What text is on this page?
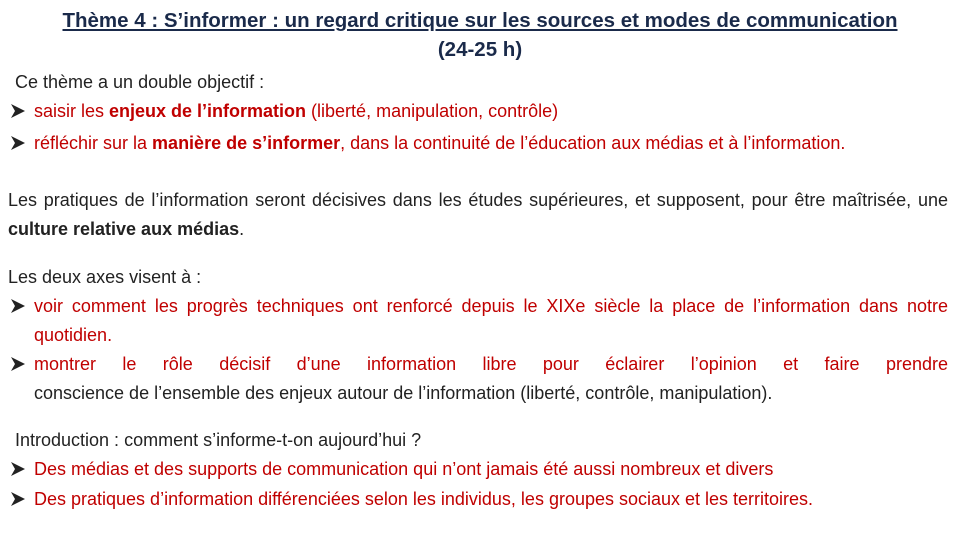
Thème 4 : S’informer : un regard critique sur les sources et modes de communication (24-25 h)
Ce thème a un double objectif :
saisir les enjeux de l’information (liberté, manipulation, contrôle)
réfléchir sur la manière de s’informer, dans la continuité de l’éducation aux médias et à l’information.
Les pratiques de l’information seront décisives dans les études supérieures, et supposent, pour être maîtrisée, une culture relative aux médias.
Les deux axes visent à :
voir comment les progrès techniques ont renforcé depuis le XIXe siècle la place de l’information dans notre quotidien.
montrer le rôle décisif d’une information libre pour éclairer l’opinion et faire prendre
conscience de l’ensemble des enjeux autour de l’information (liberté, contrôle, manipulation).
Introduction : comment s’informe-t-on aujourd’hui ?
Des médias et des supports de communication qui n’ont jamais été aussi nombreux et divers
Des pratiques d’information différenciées selon les individus, les groupes sociaux et les territoires.
